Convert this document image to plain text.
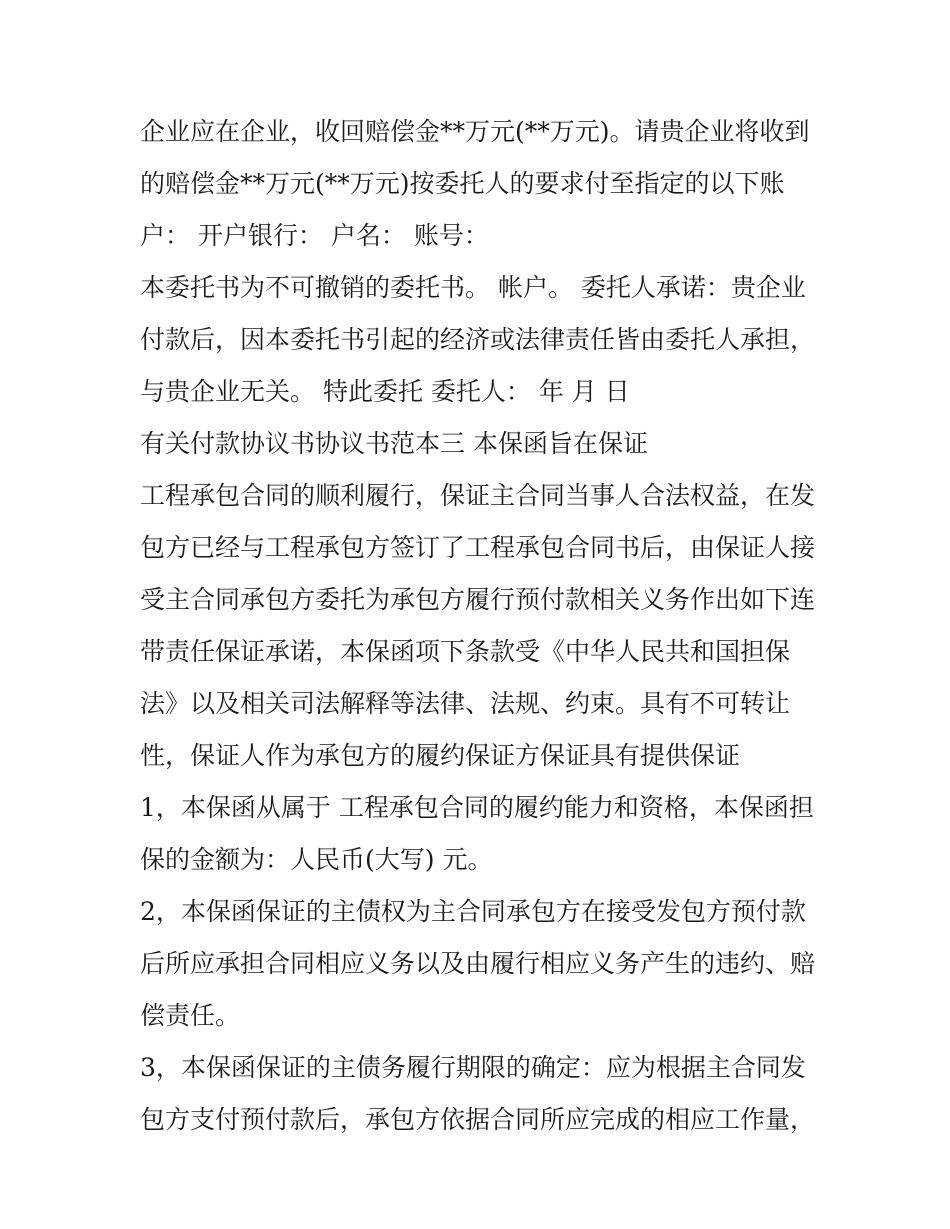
企业应在企业，收回赔偿金**万元(**万元)。请贵企业将收到
的赔偿金**万元(**万元)按委托人的要求付至指定的以下账
户： 开户银行： 户名： 账号：
本委托书为不可撤销的委托书。 帐户。 委托人承诺：贵企业
付款后，因本委托书引起的经济或法律责任皆由委托人承担，
与贵企业无关。 特此委托 委托人： 年 月 日
有关付款协议书协议书范本三 本保函旨在保证
工程承包合同的顺利履行，保证主合同当事人合法权益，在发
包方已经与工程承包方签订了工程承包合同书后，由保证人接
受主合同承包方委托为承包方履行预付款相关义务作出如下连
带责任保证承诺，本保函项下条款受《中华人民共和国担保
法》以及相关司法解释等法律、法规、约束。具有不可转让
性，保证人作为承包方的履约保证方保证具有提供保证
1，本保函从属于 工程承包合同的履约能力和资格，本保函担
保的金额为：人民币(大写) 元。
2，本保函保证的主债权为主合同承包方在接受发包方预付款
后所应承担合同相应义务以及由履行相应义务产生的违约、赔
偿责任。
3，本保函保证的主债务履行期限的确定：应为根据主合同发
包方支付预付款后，承包方依据合同所应完成的相应工作量，
